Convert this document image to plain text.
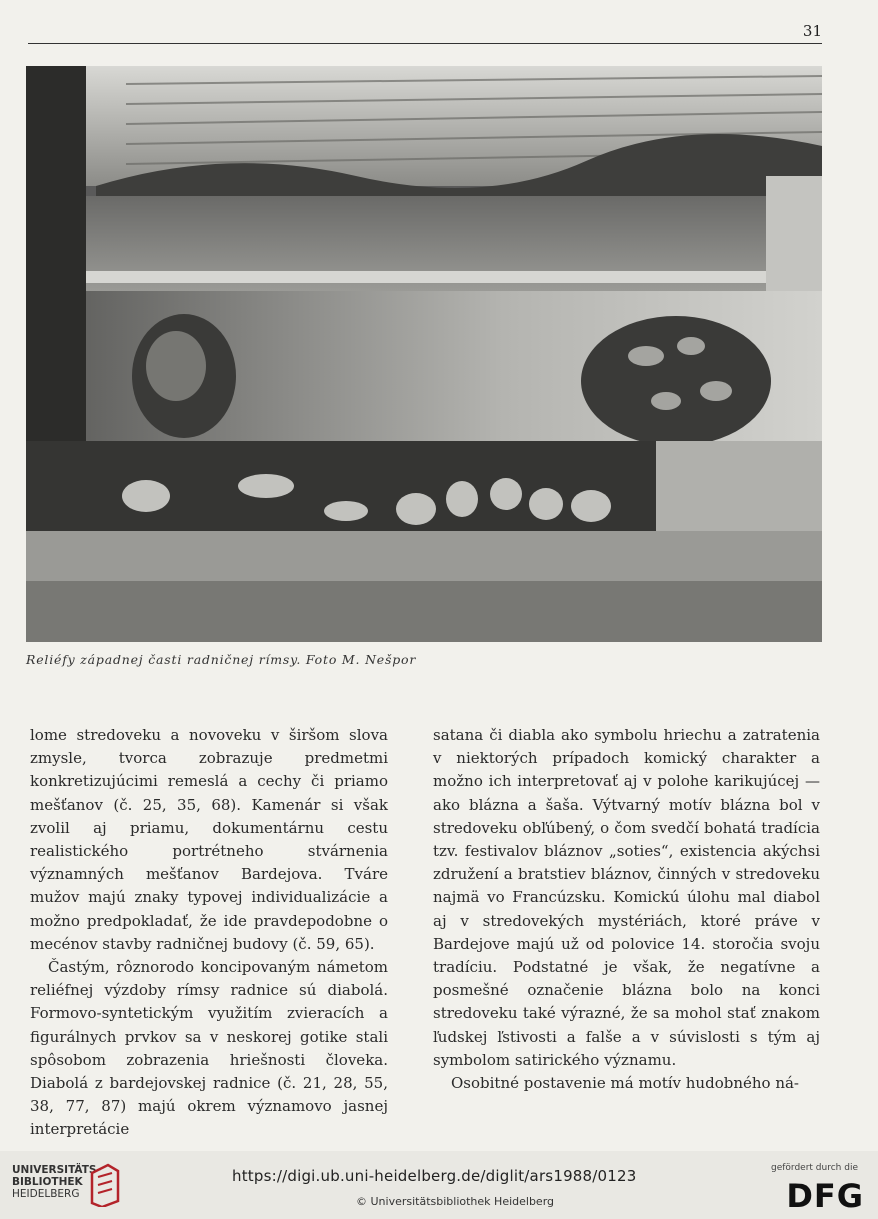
31
Reliéfy západnej časti radničnej rímsy. Foto M. Nešpor

lome stredoveku a novoveku v širšom slova zmysle, tvorca zobrazuje predmetmi konkretizujúcimi remeslá a cechy či priamo mešťanov (č. 25, 35, 68). Kamenár si však zvolil aj priamu, dokumentárnu cestu realistického portrétneho stvárnenia významných mešťanov Bardejova. Tváre mužov majú znaky typovej individualizácie a možno predpokladať, že ide pravdepodobne o mecénov stavby radničnej budovy (č. 59, 65).

Častým, rôznorodo koncipovaným námetom reliéfnej výzdoby rímsy radnice sú diabolá. Formovo-syntetickým využitím zvieracích a figurálnych prvkov sa v neskorej gotike stali spôsobom zobrazenia hriešnosti človeka. Diabolá z bardejovskej radnice (č. 21, 28, 55, 38, 77, 87) majú okrem významovo jasnej interpretácie

satana či diabla ako symbolu hriechu a zatratenia v niektorých prípadoch komický charakter a možno ich interpretovať aj v polohe karikujúcej — ako blázna a šaša. Výtvarný motív blázna bol v stredoveku obľúbený, o čom svedčí bohatá tradícia tzv. festivalov bláznov „soties“, existencia akýchsi združení a bratstiev bláznov, činných v stredoveku najmä vo Francúzsku. Komickú úlohu mal diabol aj v stredovekých mystériách, ktoré práve v Bardejove majú už od polovice 14. storočia svoju tradíciu. Podstatné je však, že negatívne a posmešné označenie blázna bolo na konci stredoveku také výrazné, že sa mohol stať znakom ľudskej ľstivosti a falše a v súvislosti s tým aj symbolom satirického významu.

Osobitné postavenie má motív hudobného ná-

UNIVERSITÄTS-
BIBLIOTHEK
HEIDELBERG
https://digi.ub.uni-heidelberg.de/diglit/ars1988/0123
© Universitätsbibliothek Heidelberg
gefördert durch die
DFG
